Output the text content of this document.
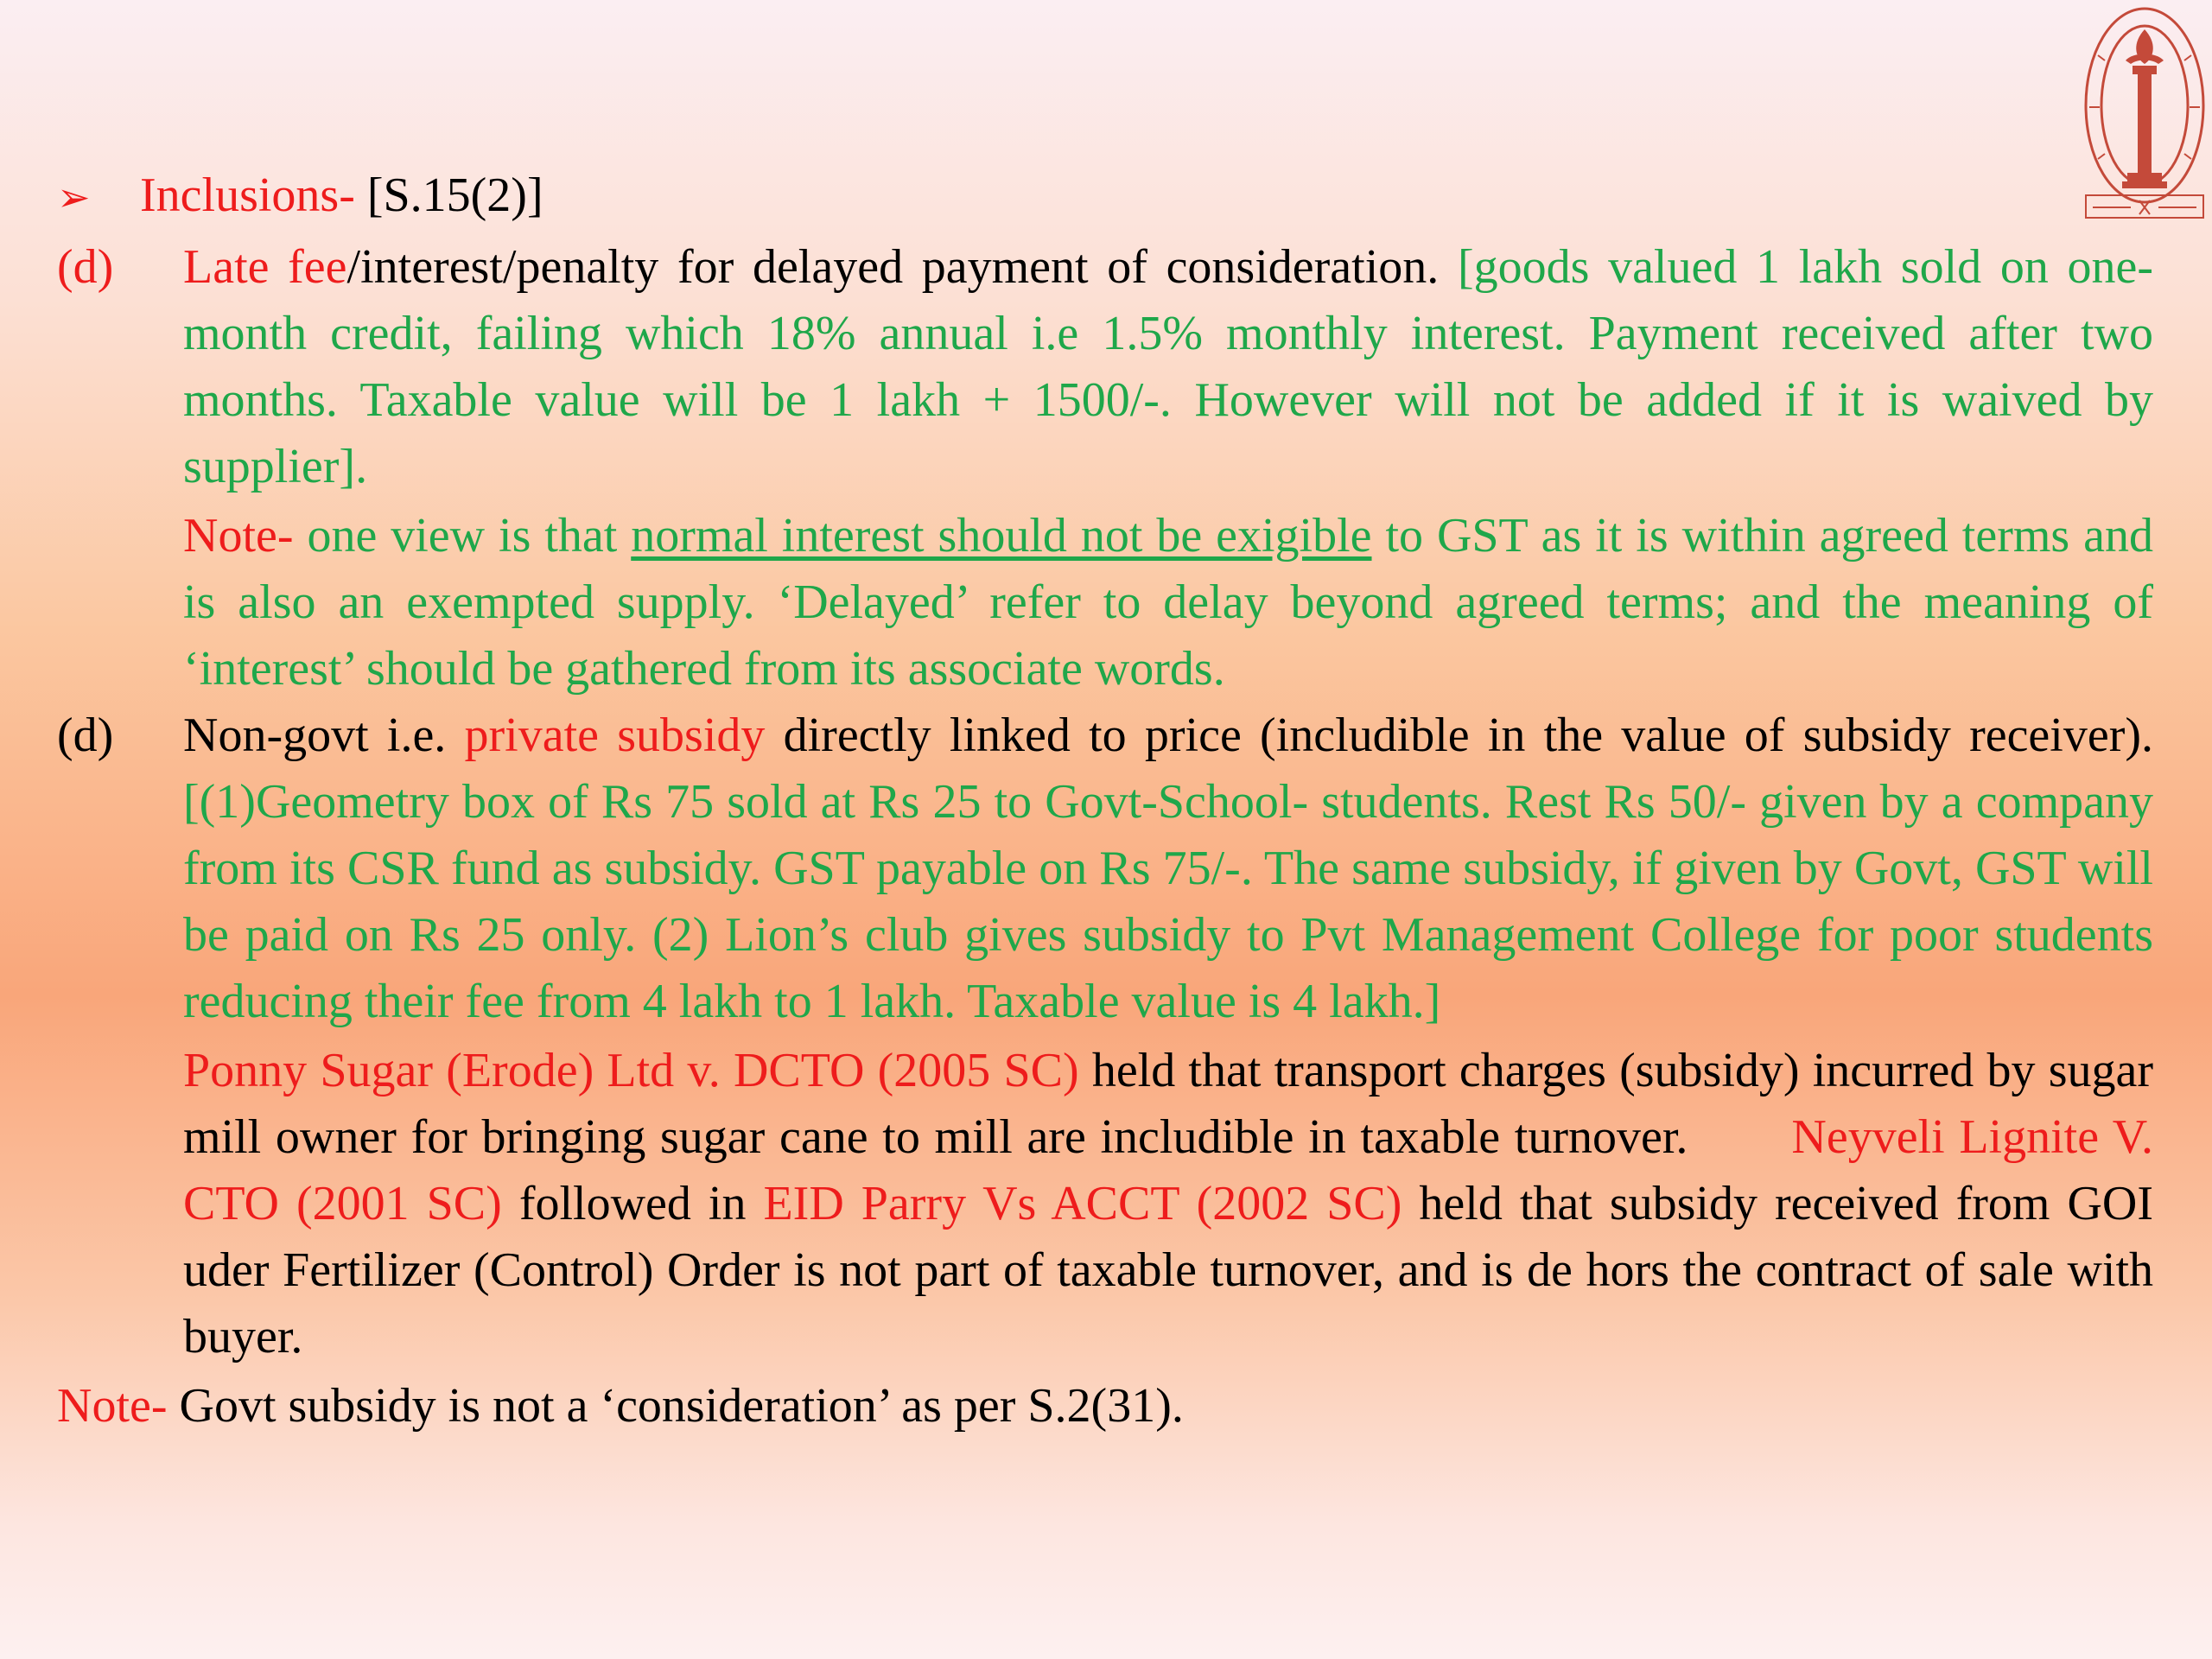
➢	Inclusions- [S.15(2)]
(d)	Late fee/interest/penalty for delayed payment of consideration. [goods valued 1 lakh sold on one-month credit, failing which 18% annual i.e 1.5% monthly interest. Payment received after two months. Taxable value will be 1 lakh + 1500/-. However will not be added if it is waived by supplier].

Note- one view is that normal interest should not be exigible to GST as it is within agreed terms and is also an exempted supply. ‘Delayed’ refer to delay beyond agreed terms; and the meaning of ‘interest’ should be gathered from its associate words.

(d)	Non-govt i.e. private subsidy directly linked to price (includible in the value of subsidy receiver). [(1)Geometry box of Rs 75 sold at Rs 25 to Govt-School- students. Rest Rs 50/- given by a company from its CSR fund as subsidy. GST payable on Rs 75/-. The same subsidy, if given by Govt, GST will be paid on Rs 25 only. (2) Lion’s club gives subsidy to Pvt Management College for poor students reducing their fee from 4 lakh to 1 lakh. Taxable value is 4 lakh.]

Ponny Sugar (Erode) Ltd v. DCTO (2005 SC) held that transport charges (subsidy) incurred by sugar mill owner for bringing sugar cane to mill are includible in taxable turnover. Neyveli Lignite V. CTO (2001 SC) followed in EID Parry Vs ACCT (2002 SC) held that subsidy received from GOI uder Fertilizer (Control) Order is not part of taxable turnover, and is de hors the contract of sale with buyer.

Note- Govt subsidy is not a ‘consideration’ as per S.2(31).
